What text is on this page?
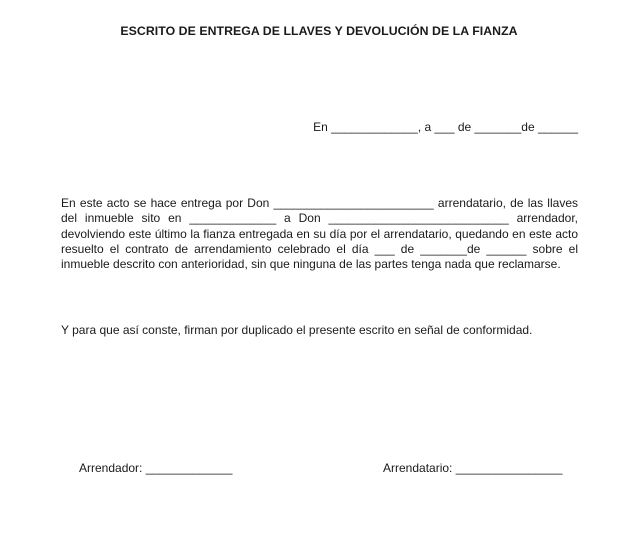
ESCRITO DE ENTREGA DE LLAVES Y DEVOLUCIÓN DE LA FIANZA
En _____________, a ___ de _______de ______
En este acto se hace entrega por Don ________________________ arrendatario, de las llaves
del inmueble sito en _____________ a Don ___________________________ arrendador,
devolviendo este último la fianza entregada en su día por el arrendatario, quedando en este acto
resuelto el contrato de arrendamiento celebrado el día ___ de _______de ______ sobre el
inmueble descrito con anterioridad, sin que ninguna de las partes tenga nada que reclamarse.
Y para que así conste, firman por duplicado el presente escrito en señal de conformidad.
Arrendador: _____________	Arrendatario: ________________
